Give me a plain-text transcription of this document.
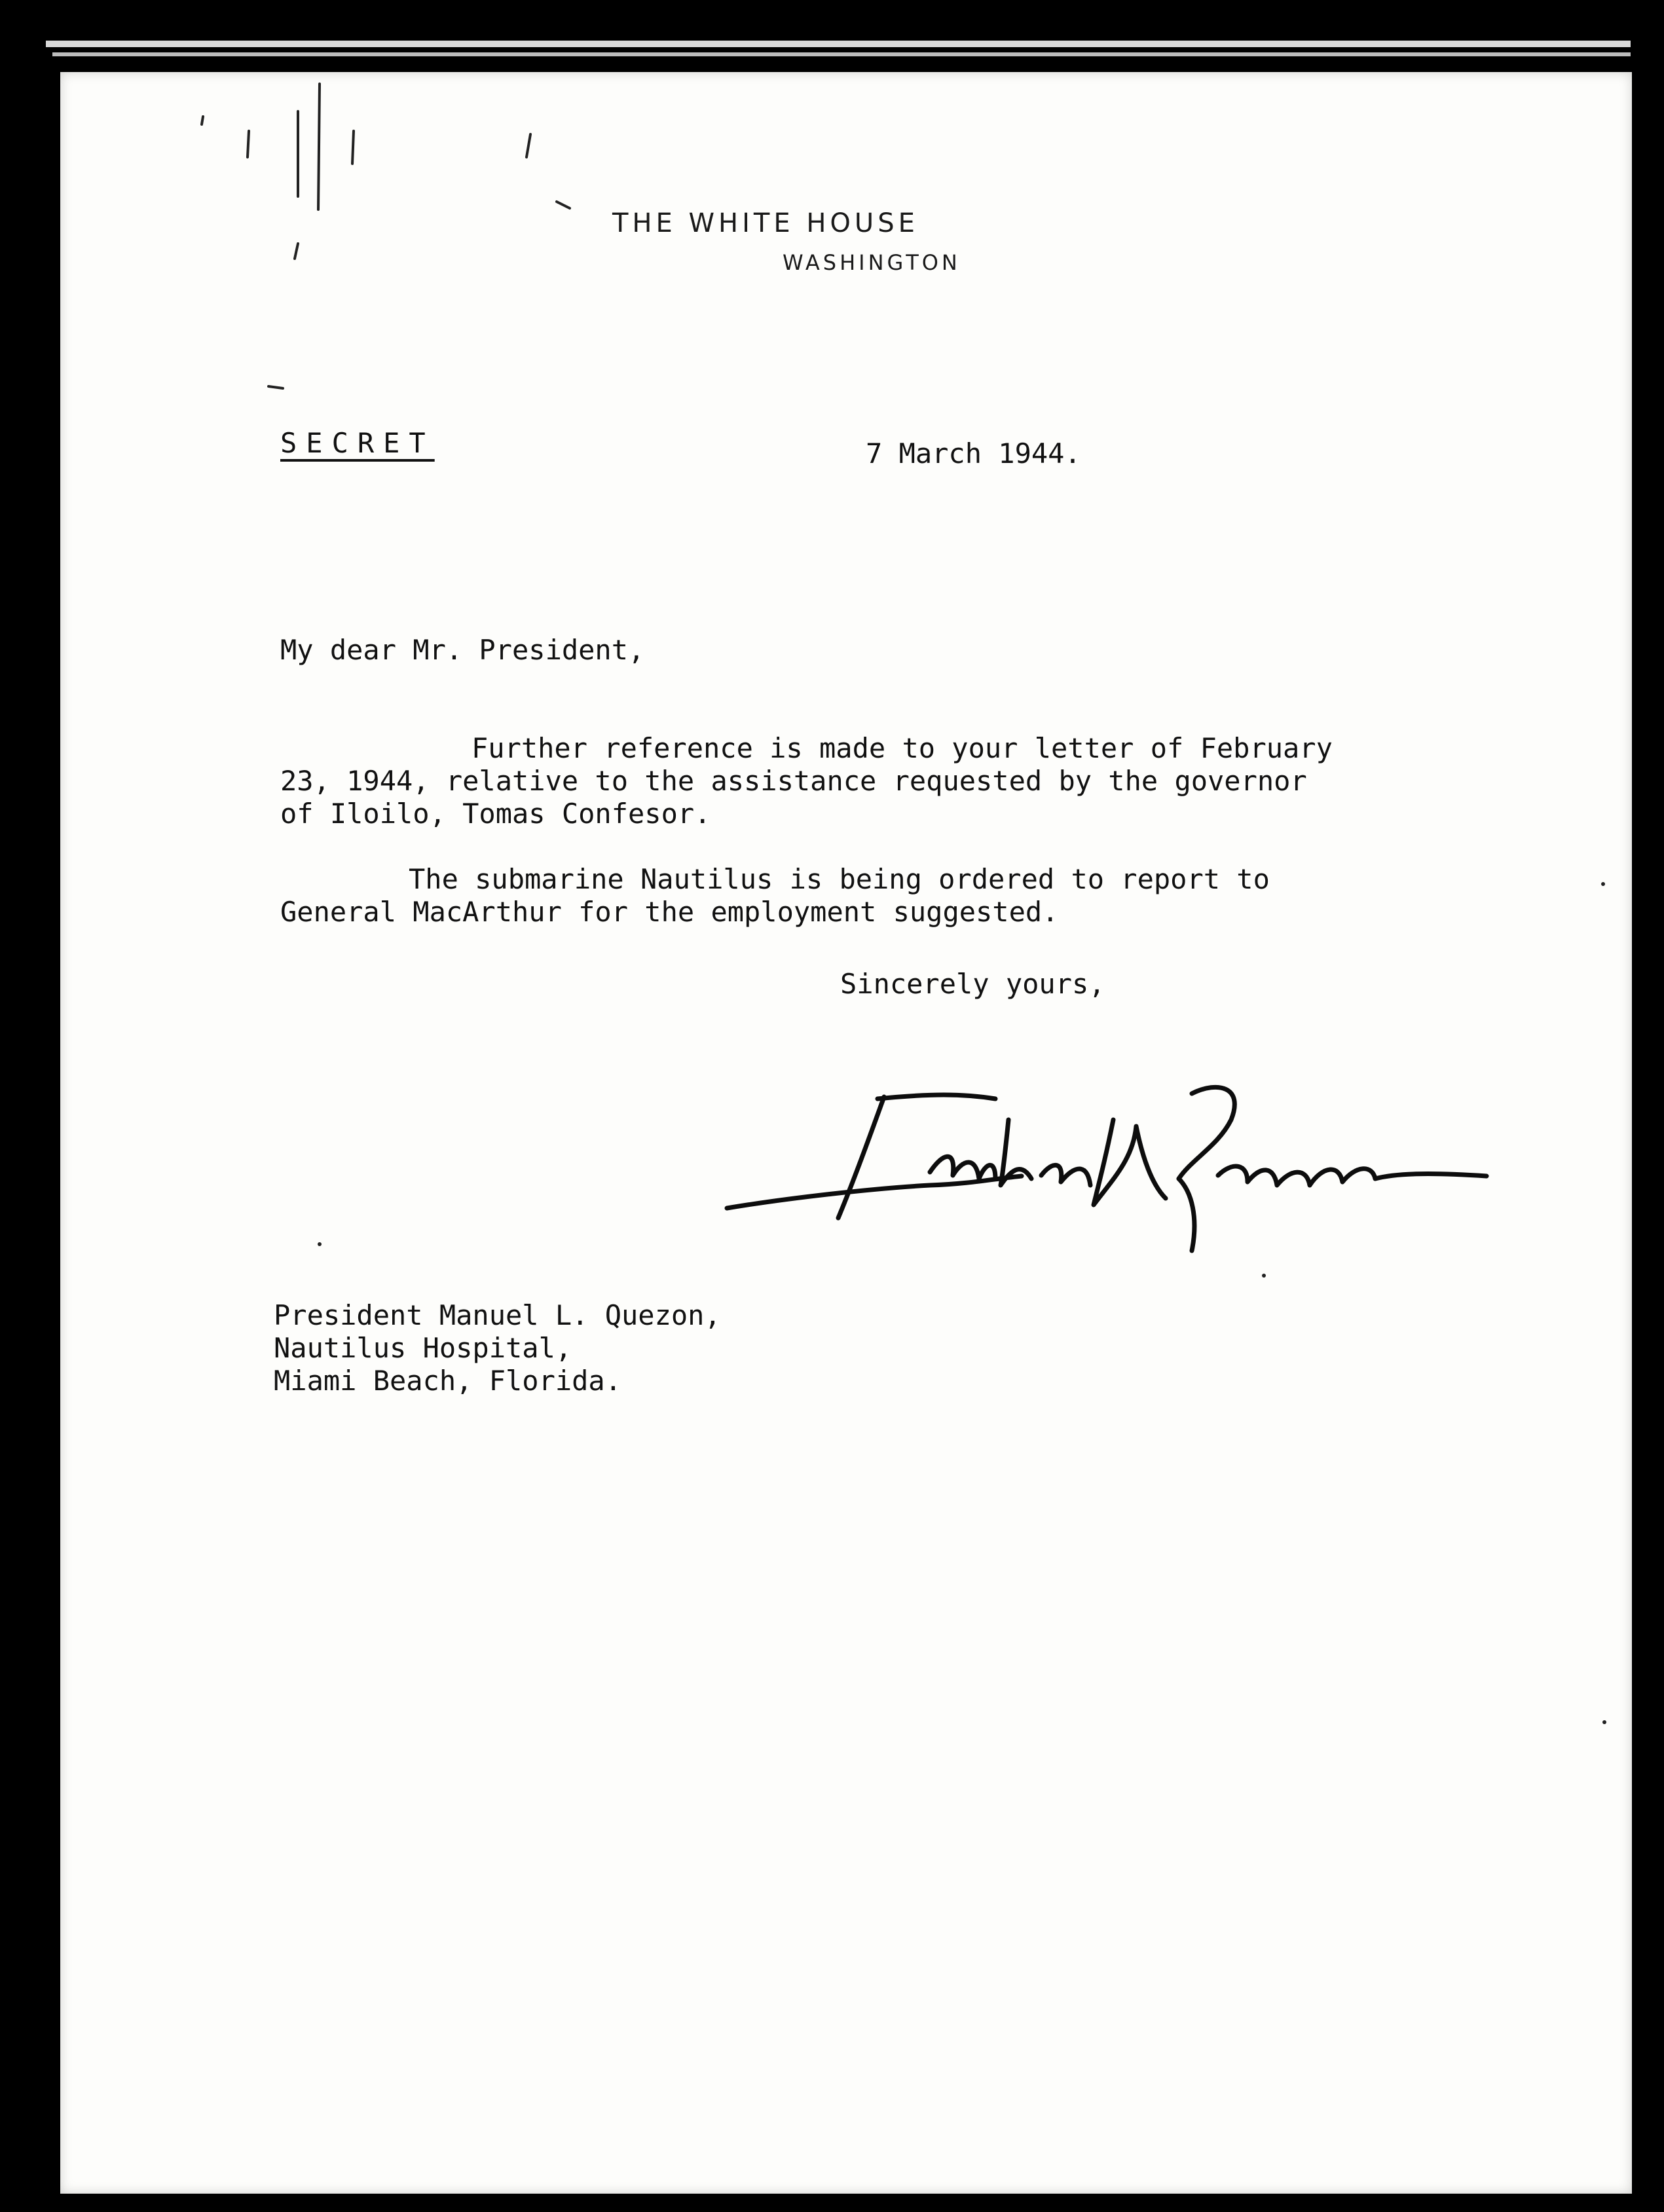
THE WHITE HOUSE
WASHINGTON
SECRET	7 March 1944.
My dear Mr. President,
Further reference is made to your letter of February
23, 1944, relative to the assistance requested by the governor
of Iloilo, Tomas Confesor.
The submarine Nautilus is being ordered to report to
General MacArthur for the employment suggested.
Sincerely yours,
President Manuel L. Quezon,
Nautilus Hospital,
Miami Beach, Florida.
